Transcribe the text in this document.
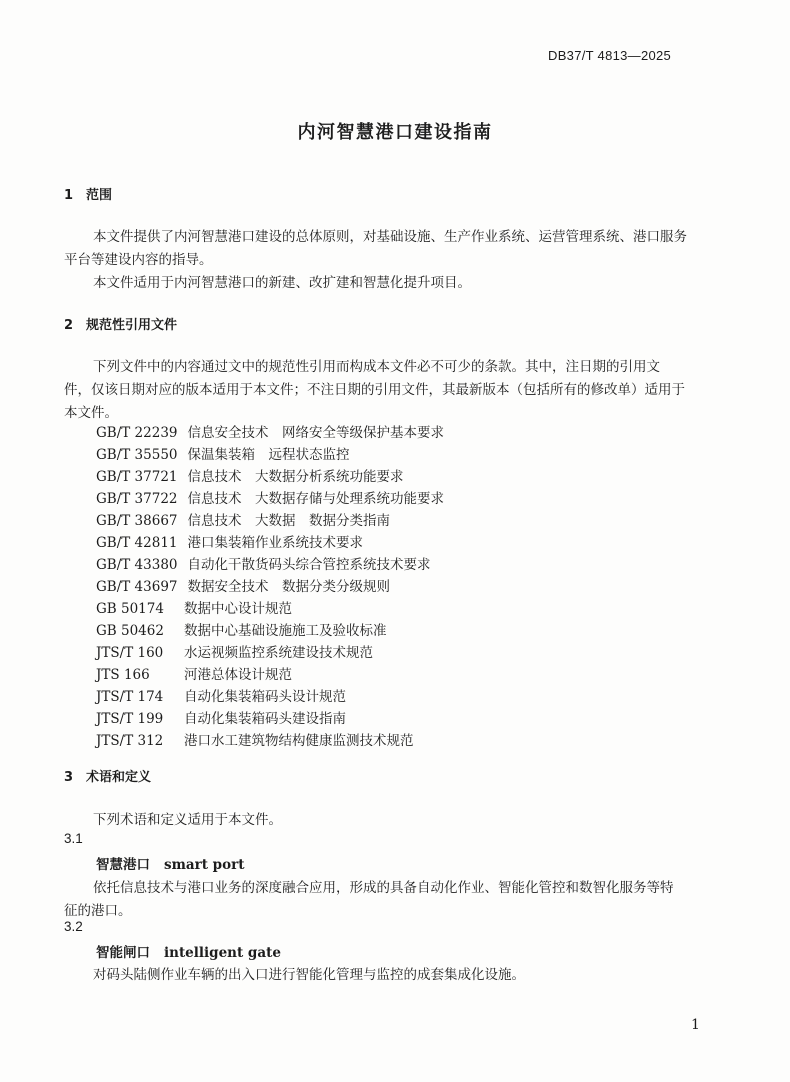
DB37/T 4813—2025
内河智慧港口建设指南
1 范围
本文件提供了内河智慧港口建设的总体原则，对基础设施、生产作业系统、运营管理系统、港口服务
平台等建设内容的指导。
本文件适用于内河智慧港口的新建、改扩建和智慧化提升项目。
2 规范性引用文件
下列文件中的内容通过文中的规范性引用而构成本文件必不可少的条款。其中，注日期的引用文
件，仅该日期对应的版本适用于本文件；不注日期的引用文件，其最新版本（包括所有的修改单）适用于
本文件。
GB/T 22239 信息安全技术　网络安全等级保护基本要求
GB/T 35550 保温集装箱　远程状态监控
GB/T 37721 信息技术　大数据分析系统功能要求
GB/T 37722 信息技术　大数据存储与处理系统功能要求
GB/T 38667 信息技术　大数据　数据分类指南
GB/T 42811 港口集装箱作业系统技术要求
GB/T 43380 自动化干散货码头综合管控系统技术要求
GB/T 43697 数据安全技术　数据分类分级规则
GB 50174 数据中心设计规范
GB 50462 数据中心基础设施施工及验收标准
JTS/T 160 水运视频监控系统建设技术规范
JTS 166	河港总体设计规范
JTS/T 174 自动化集装箱码头设计规范
JTS/T 199 自动化集装箱码头建设指南
JTS/T 312 港口水工建筑物结构健康监测技术规范
3 术语和定义
下列术语和定义适用于本文件。
3.1
智慧港口 smart port
依托信息技术与港口业务的深度融合应用，形成的具备自动化作业、智能化管控和数智化服务等特
征的港口。
3.2
智能闸口 intelligent gate
对码头陆侧作业车辆的出入口进行智能化管理与监控的成套集成化设施。
1
